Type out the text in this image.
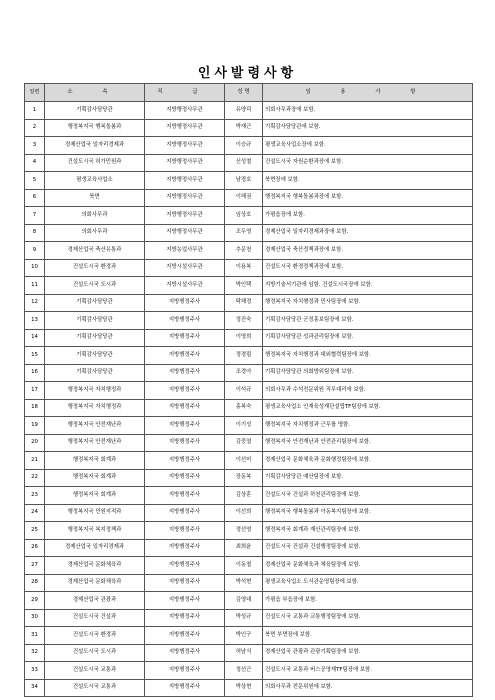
인사발령사항
일련	소 속	직 급	성 명	임 용 사 항
1	기획감사담당관	지방행정사무관	유양덕	의회사무과장에 보함.
2	행정복지국 행복돌봄과	지방행정사무관	박재근	기획감사담당관에 보함.
3	경제산업국 일자리경제과	지방행정사무관	이승규	평생교육사업소장에 보함.
4	건설도시국 허가민원과	지방행정사무관	신성철	건설도시국 자원순환과장에 보함.
5	평생교육사업소	지방행정사무관	남경호	북면장에 보함.
6	북면	지방행정사무관	이해권	행정복지국 행복돌봄과장에 보함.
7	의회사무과	지방행정사무관	임상호	가평읍장에 보함.
8	의회사무과	지방행정사무관	조두영	경제산업국 일자리경제과장에 보함.
9	경제산업국 축산유통과	지방농업사무관	추문천	경제산업국 축산정책과장에 보함.
10	건설도시국 환경과	지방시설사무관	이용복	건설도시국 환경정책과장에 보함.
11	건설도시국 도시과	지방시설사무관	박인택	지방기술서기관에 임함. 건설도시국장에 보함.
12	기획감사담당관	지방행정주사	탁해경	행정복지국 자치행정과 민사팀장에 보함.
13	기획감사담당관	지방행정주사	정진숙	기획감사담당관 군정홍보팀장에 보함.
14	기획감사담당관	지방행정주사	이영희	기획감사담당관 성과관리팀장에 보함.
15	기획감사담당관	지방행정주사	정경림	행정복지국 자치행정과 대외협력팀장에 보함.
16	기획감사담당관	지방행정주사	조경아	기획감사담당관 의회방위팀장에 보함.
17	행정복지국 자치행정과	지방행정주사	이석규	의회사무과 수석전문위원 직무대리에 보함.
18	행정복지국 자치행정과	지방행정주사	홍복숙	평생교육사업소 인재육성재단설립TF팀장에 보함.
19	행정복지국 안전재난과	지방행정주사	이기성	행정복지국 자치행정과 근무를 명함.
20	행정복지국 안전재난과	지방행정주사	김중열	행정복지국 안전재난과 안전관리팀장에 보함.
21	행정복지국 회계과	지방행정주사	이선미	경제산업국 문화체육과 문화행정팀장에 보함.
22	행정복지국 회계과	지방행정주사	장동복	기획감사담당관 예산팀장에 보함.
23	행정복지국 회계과	지방행정주사	김상훈	건설도시국 건설과 하천관리팀장에 보함.
24	행정복지국 민원지적과	지방행정주사	이선희	행정복지국 행복돌봄과 아동복지팀장에 보함.
25	행정복지국 복지정책과	지방행정주사	정선영	행정복지국 회계과 재산관리팀장에 보함.
26	경제산업국 일자리경제과	지방행정주사	최희윤	건설도시국 건설과 건설행정팀장에 보함.
27	경제산업국 문화체육과	지방행정주사	이동철	경제산업국 문화체육과 체육팀장에 보함.
28	경제산업국 문화체육과	지방행정주사	박석현	평생교육사업소 도서관운영팀장에 보함.
29	경제산업국 관광과	지방행정주사	김영대	가평읍 부읍장에 보함.
30	건설도시국 건설과	지방행정주사	박성규	건설도시국 교통과 교통행정팀장에 보함.
31	건설도시국 환경과	지방행정주사	박인구	북면 부면장에 보함.
32	건설도시국 도시과	지방행정주사	허남식	경제산업국 관광과 관광기획팀장에 보함.
33	건설도시국 교통과	지방행정주사	정선근	건설도시국 교통과 버스공영제TF팀장에 보함.
34	건설도시국 교통과	지방행정주사	박상현	의회사무과 전문위원에 보함.
